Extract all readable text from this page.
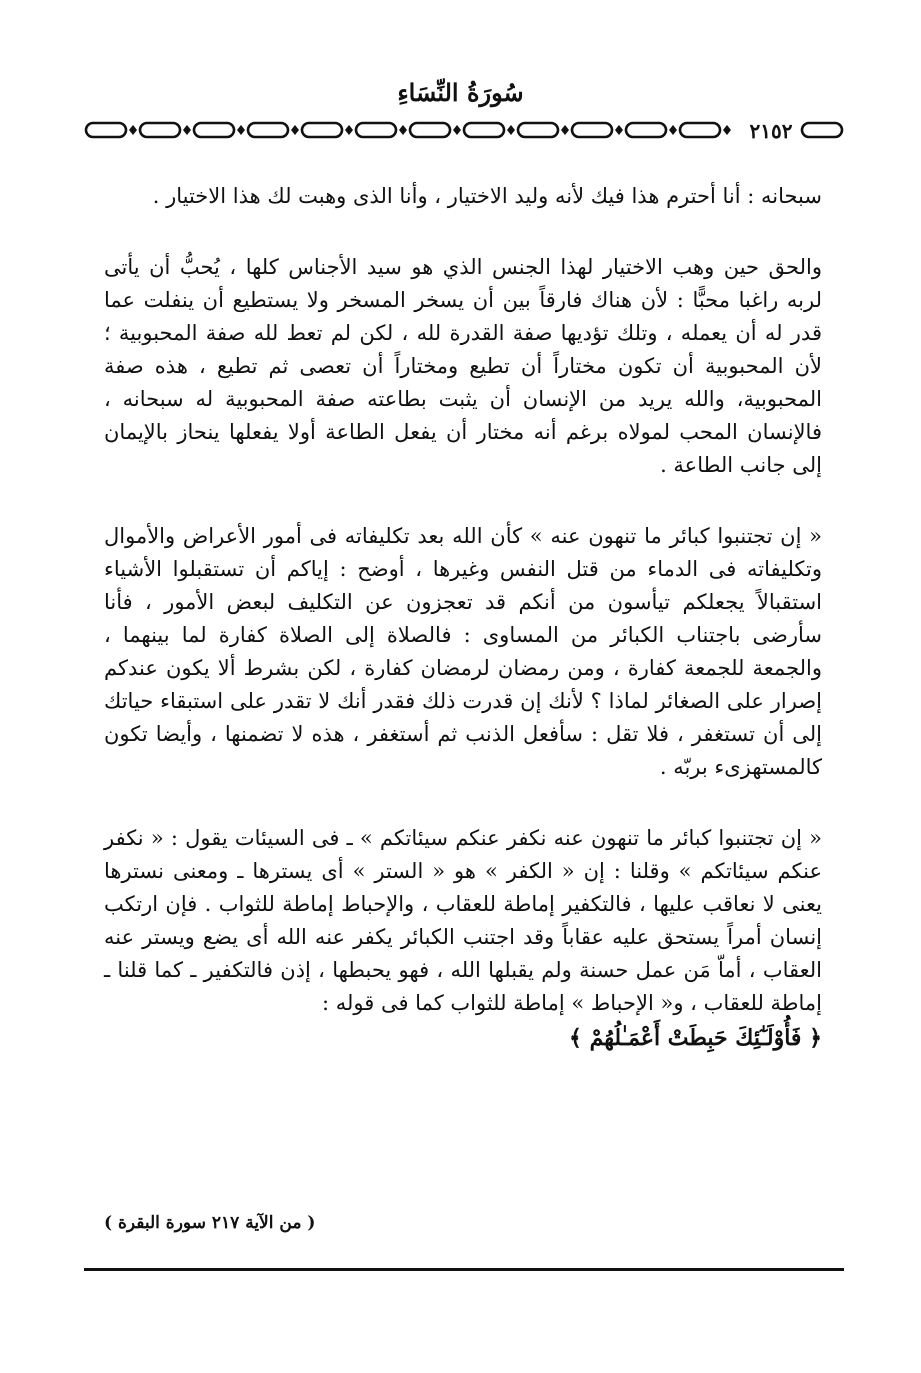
سُورَةُ النِّسَاءِ
٢١٥٢

سبحانه : أنا أحترم هذا فيك لأنه وليد الاختيار ، وأنا الذى وهبت لك هذا الاختيار .

والحق حين وهب الاختيار لهذا الجنس الذي هو سيد الأجناس كلها ، يُحبُّ أن يأتى لربه راغبا محبًّا : لأن هناك فارقاً بين أن يسخر المسخر ولا يستطيع أن ينفلت عما قدر له أن يعمله ، وتلك تؤديها صفة القدرة لله ، لكن لم تعط لله صفة المحبوبية ؛ لأن المحبوبية أن تكون مختاراً أن تطيع ومختاراً أن تعصى ثم تطيع ، هذه صفة المحبوبية، والله يريد من الإنسان أن يثبت بطاعته صفة المحبوبية له سبحانه ، فالإنسان المحب لمولاه برغم أنه مختار أن يفعل الطاعة أولا يفعلها ينحاز بالإيمان إلى جانب الطاعة .

« إن تجتنبوا كبائر ما تنهون عنه » كأن الله بعد تكليفاته فى أمور الأعراض والأموال وتكليفاته فى الدماء من قتل النفس وغيرها ، أوضح : إياكم أن تستقبلوا الأشياء استقبالاً يجعلكم تيأسون من أنكم قد تعجزون عن التكليف لبعض الأمور ، فأنا سأرضى باجتناب الكبائر من المساوى : فالصلاة إلى الصلاة كفارة لما بينهما ، والجمعة للجمعة كفارة ، ومن رمضان لرمضان كفارة ، لكن بشرط ألا يكون عندكم إصرار على الصغائر لماذا ؟ لأنك إن قدرت ذلك فقدر أنك لا تقدر على استبقاء حياتك إلى أن تستغفر ، فلا تقل : سأفعل الذنب ثم أستغفر ، هذه لا تضمنها ، وأيضا تكون كالمستهزىء بربّه .

« إن تجتنبوا كبائر ما تنهون عنه نكفر عنكم سيئاتكم » ـ فى السيئات يقول : « نكفر عنكم سيئاتكم » وقلنا : إن « الكفر » هو « الستر » أى يسترها ـ ومعنى نسترها يعنى لا نعاقب عليها ، فالتكفير إماطة للعقاب ، والإحباط إماطة للثواب . فإن ارتكب إنسان أمراً يستحق عليه عقاباً وقد اجتنب الكبائر يكفر عنه الله أى يضع ويستر عنه العقاب ، أماّ مَن عمل حسنة ولم يقبلها الله ، فهو يحبطها ، إذن فالتكفير ـ كما قلنا ـ إماطة للعقاب ، و« الإحباط » إماطة للثواب كما فى قوله :

﴿ فَأُوْلَـٰٓئِكَ حَبِطَتْ أَعْمَـٰلُهُمْ ﴾

( من الآية ٢١٧ سورة البقرة )
